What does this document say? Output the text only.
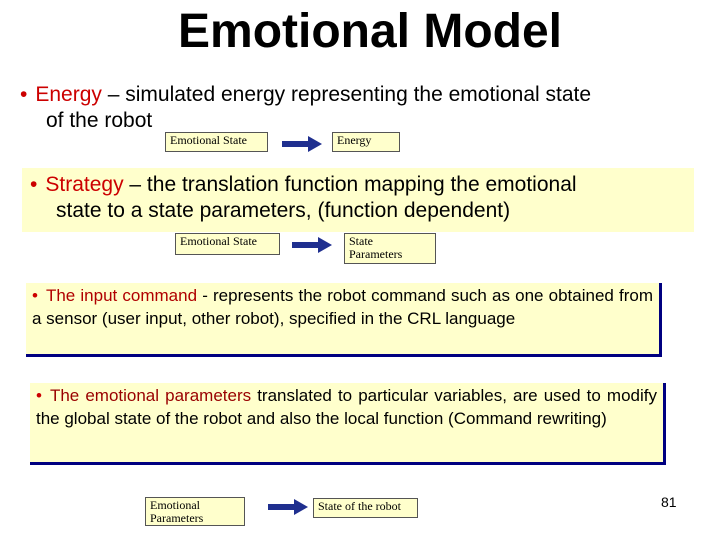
Emotional Model
• Energy – simulated energy representing the emotional state
of the robot
Emotional State	Energy
• Strategy – the translation function mapping the emotional
state to a state parameters, (function dependent)
Emotional State	State
Parameters
• The input command - represents the robot command such as one obtained from a sensor (user input, other robot), specified in the CRL language
• The emotional parameters translated to particular variables, are used to modify the global state of the robot and also the local function (Command rewriting)
Emotional
Parameters
State of the robot	81
